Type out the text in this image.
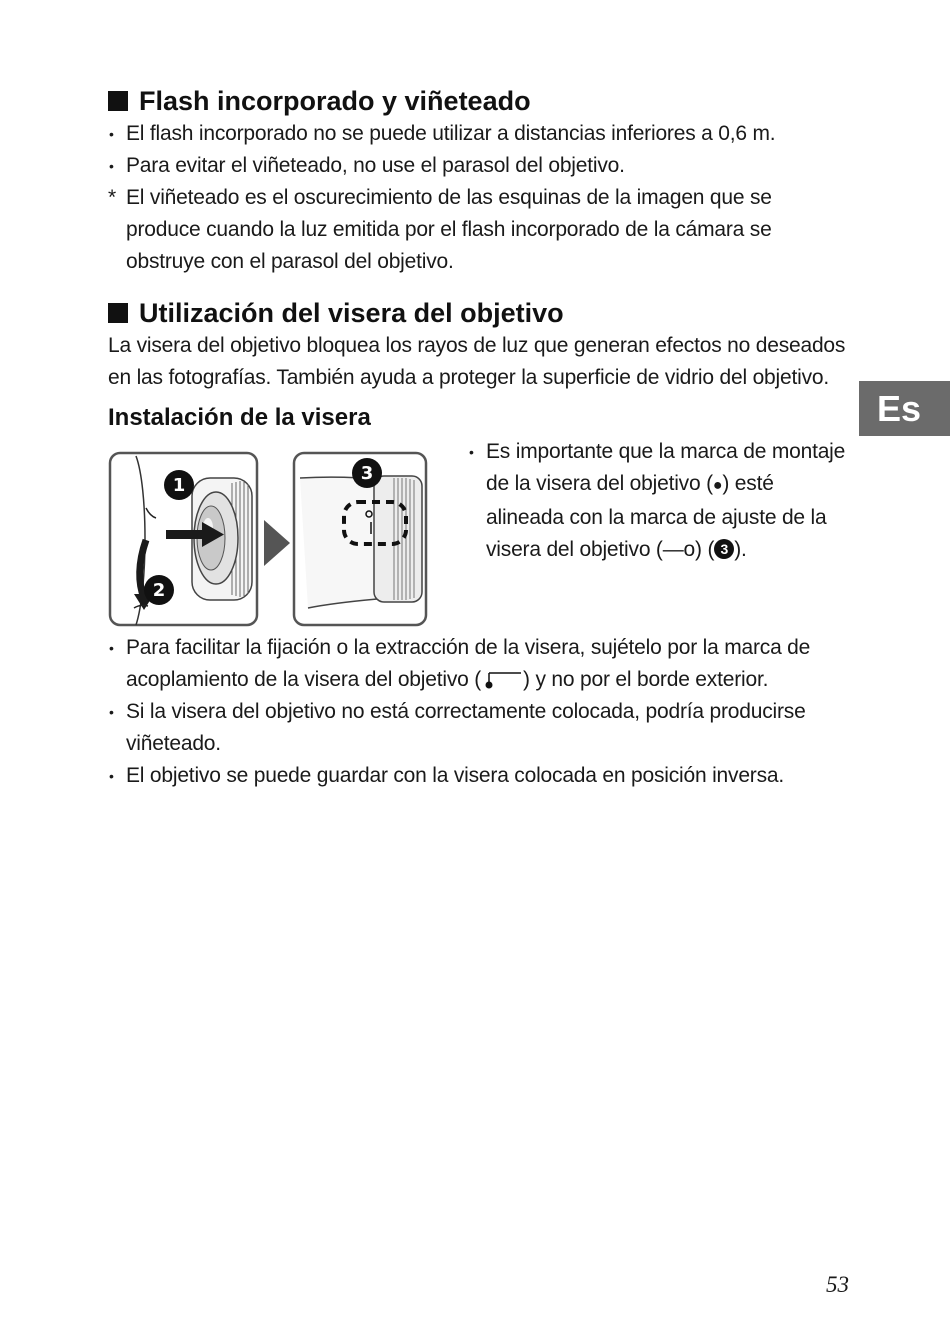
Flash incorporado y viñeteado
• El flash incorporado no se puede utilizar a distancias inferiores a 0,6 m.
• Para evitar el viñeteado, no use el parasol del objetivo.
* El viñeteado es el oscurecimiento de las esquinas de la imagen que se produce cuando la luz emitida por el flash incorporado de la cámara se obstruye con el parasol del objetivo.
Utilización del visera del objetivo

La visera del objetivo bloquea los rayos de luz que generan efectos no deseados en las fotografías. También ayuda a proteger la superficie de vidrio del objetivo.

Instalación de la visera
1
2
3
• Es importante que la marca de montaje de la visera del objetivo (●) esté alineada con la marca de ajuste de la visera del objetivo (—o) ( 3 ).
• Para facilitar la fijación o la extracción de la visera, sujételo por la marca de acoplamiento de la visera del objetivo ( ) y no por el borde exterior.
• Si la visera del objetivo no está correctamente colocada, podría producirse viñeteado.
• El objetivo se puede guardar con la visera colocada en posición inversa.
Es
53
